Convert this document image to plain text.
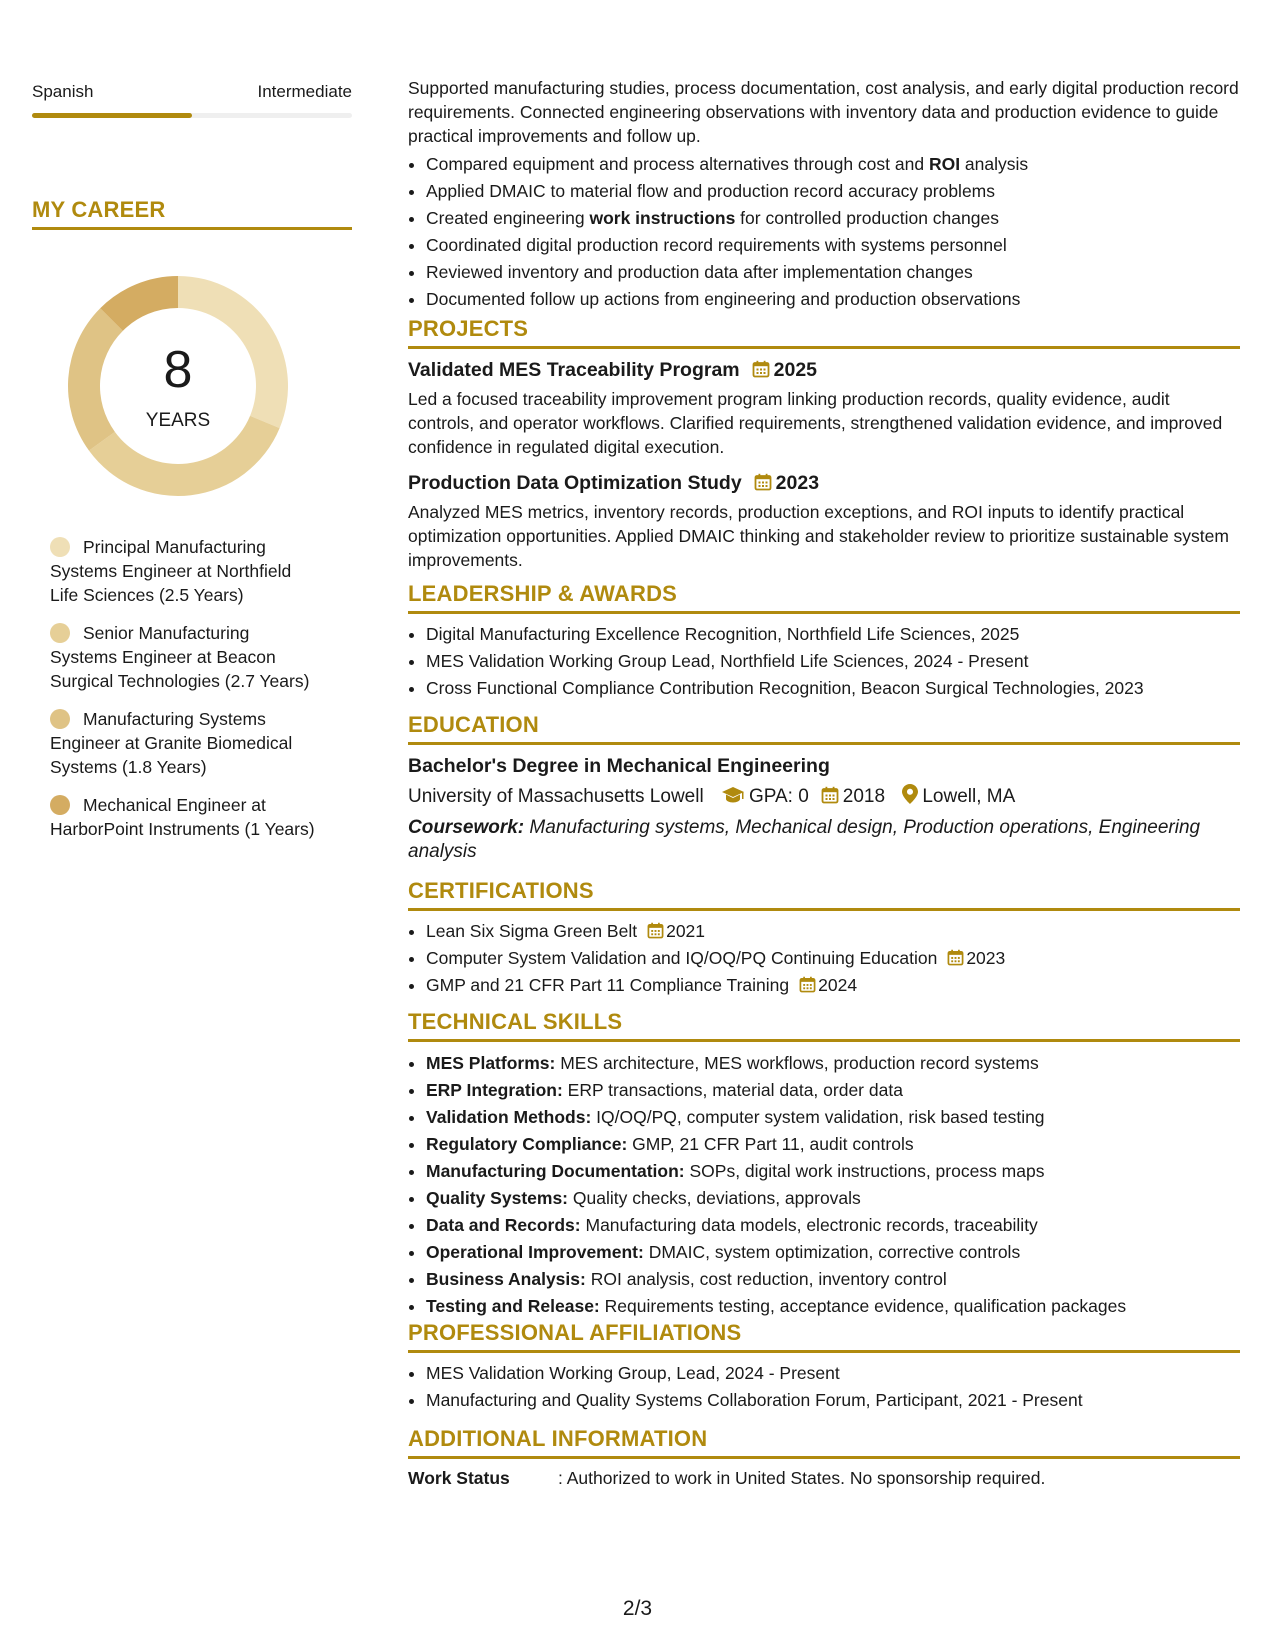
Spanish	Intermediate
MY CAREER
8
YEARS
Principal Manufacturing Systems Engineer at Northfield Life Sciences (2.5 Years)
Senior Manufacturing Systems Engineer at Beacon Surgical Technologies (2.7 Years)
Manufacturing Systems Engineer at Granite Biomedical Systems (1.8 Years)
Mechanical Engineer at HarborPoint Instruments (1 Years)

Supported manufacturing studies, process documentation, cost analysis, and early digital production record requirements. Connected engineering observations with inventory data and production evidence to guide practical improvements and follow up.

• Compared equipment and process alternatives through cost and ROI analysis
• Applied DMAIC to material flow and production record accuracy problems
• Created engineering work instructions for controlled production changes
• Coordinated digital production record requirements with systems personnel
• Reviewed inventory and production data after implementation changes
• Documented follow up actions from engineering and production observations
PROJECTS

Validated MES Traceability Program 2025

Led a focused traceability improvement program linking production records, quality evidence, audit controls, and operator workflows. Clarified requirements, strengthened validation evidence, and improved confidence in regulated digital execution.

Production Data Optimization Study 2023

Analyzed MES metrics, inventory records, production exceptions, and ROI inputs to identify practical optimization opportunities. Applied DMAIC thinking and stakeholder review to prioritize sustainable system improvements.

LEADERSHIP & AWARDS
• Digital Manufacturing Excellence Recognition, Northfield Life Sciences, 2025
• MES Validation Working Group Lead, Northfield Life Sciences, 2024 - Present
• Cross Functional Compliance Contribution Recognition, Beacon Surgical Technologies, 2023
EDUCATION

Bachelor's Degree in Mechanical Engineering

University of Massachusetts Lowell GPA: 0 2018 Lowell, MA
Coursework: Manufacturing systems, Mechanical design, Production operations, Engineering analysis
CERTIFICATIONS
• Lean Six Sigma Green Belt 2021
• Computer System Validation and IQ/OQ/PQ Continuing Education 2023
• GMP and 21 CFR Part 11 Compliance Training 2024
TECHNICAL SKILLS
• MES Platforms: MES architecture, MES workflows, production record systems
• ERP Integration: ERP transactions, material data, order data
• Validation Methods: IQ/OQ/PQ, computer system validation, risk based testing
• Regulatory Compliance: GMP, 21 CFR Part 11, audit controls
• Manufacturing Documentation: SOPs, digital work instructions, process maps
• Quality Systems: Quality checks, deviations, approvals
• Data and Records: Manufacturing data models, electronic records, traceability
• Operational Improvement: DMAIC, system optimization, corrective controls
• Business Analysis: ROI analysis, cost reduction, inventory control
• Testing and Release: Requirements testing, acceptance evidence, qualification packages
PROFESSIONAL AFFILIATIONS
• MES Validation Working Group, Lead, 2024 - Present
• Manufacturing and Quality Systems Collaboration Forum, Participant, 2021 - Present
ADDITIONAL INFORMATION
Work Status	: Authorized to work in United States. No sponsorship required.
2/3
